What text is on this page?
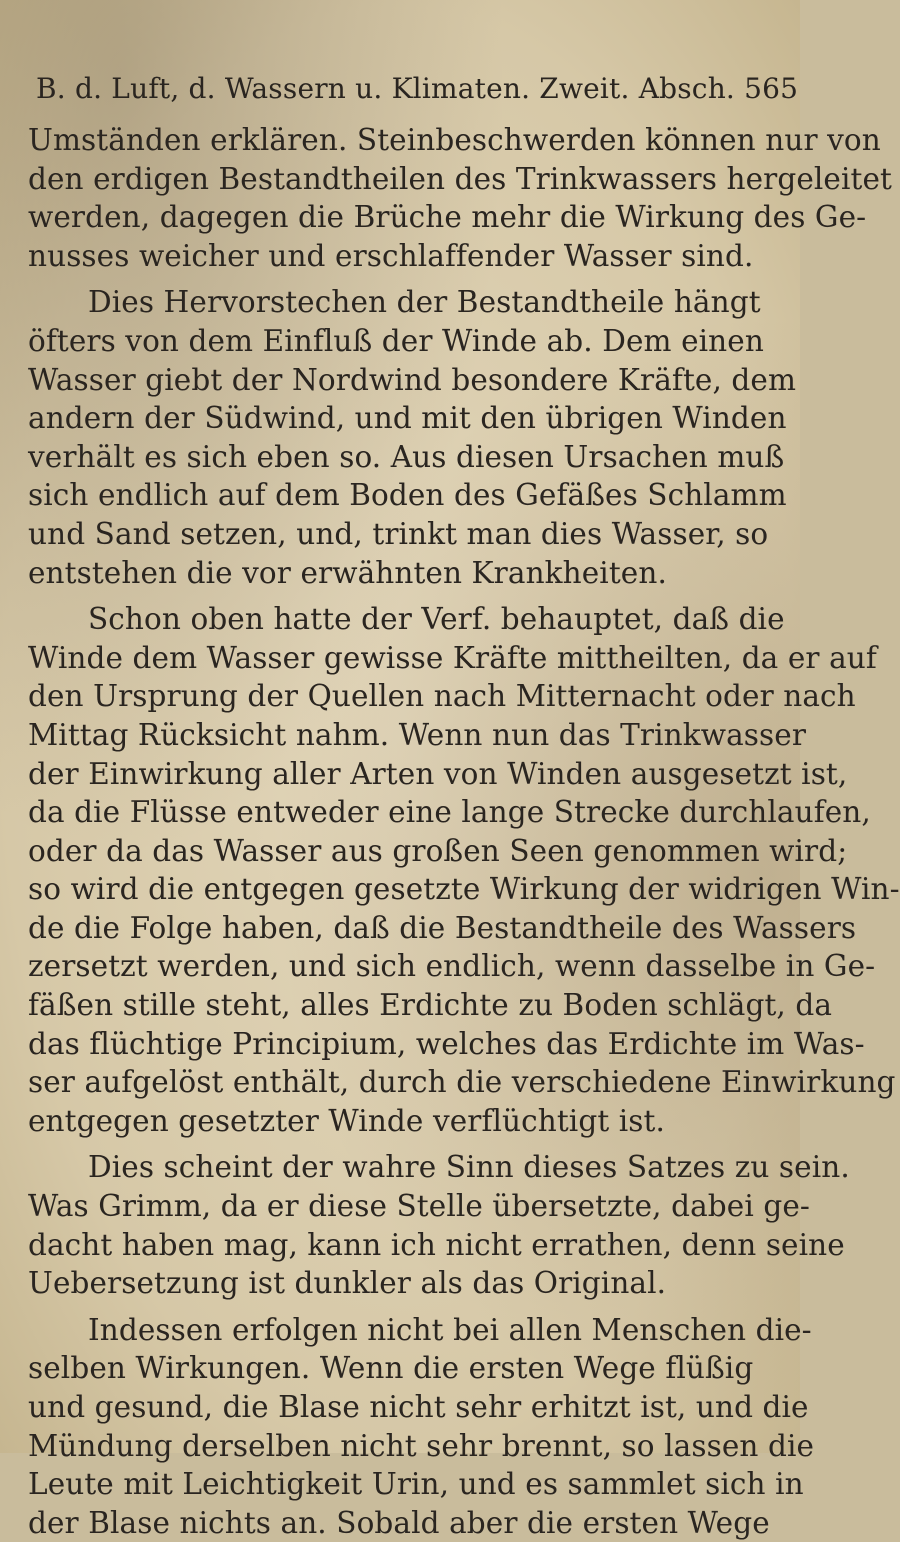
B. d. Luft, d. Wassern u. Klimaten. Zweit. Absch. 565
Umständen erklären. Steinbeschwerden können nur von
den erdigen Bestandtheilen des Trinkwassers hergeleitet
werden, dagegen die Brüche mehr die Wirkung des Ge-
nusses weicher und erschlaffender Wasser sind.
Dies Hervorstechen der Bestandtheile hängt
öfters von dem Einfluß der Winde ab. Dem einen
Wasser giebt der Nordwind besondere Kräfte, dem
andern der Südwind, und mit den übrigen Winden
verhält es sich eben so. Aus diesen Ursachen muß
sich endlich auf dem Boden des Gefäßes Schlamm
und Sand setzen, und, trinkt man dies Wasser, so
entstehen die vor erwähnten Krankheiten.
Schon oben hatte der Verf. behauptet, daß die
Winde dem Wasser gewisse Kräfte mittheilten, da er auf
den Ursprung der Quellen nach Mitternacht oder nach
Mittag Rücksicht nahm. Wenn nun das Trinkwasser
der Einwirkung aller Arten von Winden ausgesetzt ist,
da die Flüsse entweder eine lange Strecke durchlaufen,
oder da das Wasser aus großen Seen genommen wird;
so wird die entgegen gesetzte Wirkung der widrigen Win-
de die Folge haben, daß die Bestandtheile des Wassers
zersetzt werden, und sich endlich, wenn dasselbe in Ge-
fäßen stille steht, alles Erdichte zu Boden schlägt, da
das flüchtige Principium, welches das Erdichte im Was-
ser aufgelöst enthält, durch die verschiedene Einwirkung
entgegen gesetzter Winde verflüchtigt ist.
Dies scheint der wahre Sinn dieses Satzes zu sein.
Was Grimm, da er diese Stelle übersetzte, dabei ge-
dacht haben mag, kann ich nicht errathen, denn seine
Uebersetzung ist dunkler als das Original.
Indessen erfolgen nicht bei allen Menschen die-
selben Wirkungen. Wenn die ersten Wege flüßig
und gesund, die Blase nicht sehr erhitzt ist, und die
Mündung derselben nicht sehr brennt, so lassen die
Leute mit Leichtigkeit Urin, und es sammlet sich in
der Blase nichts an. Sobald aber die ersten Wege
